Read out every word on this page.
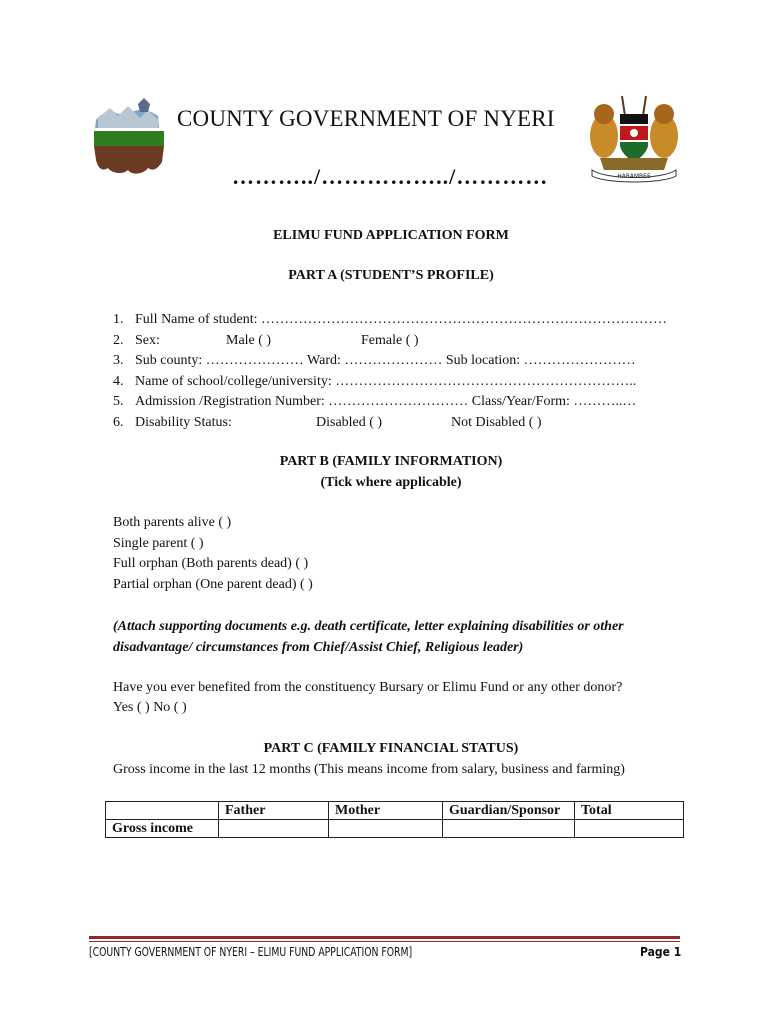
COUNTY GOVERNMENT OF NYERI
………../……………../…………	HARAMBEE
ELIMU FUND APPLICATION FORM
PART A (STUDENT’S PROFILE)
1. Full Name of student: ……………………………………………………………………………
2. Sex:	Male ( )	Female ( )
3. Sub county: ………………… Ward: ………………… Sub location: ……………………
4. Name of school/college/university: ………………………………………………………..
5. Admission /Registration Number: ………………………… Class/Year/Form: ………..…
6. Disability Status:	Disabled ( )	Not Disabled ( )
PART B (FAMILY INFORMATION)
(Tick where applicable)
Both parents alive ( )
Single parent ( )
Full orphan (Both parents dead) ( )
Partial orphan (One parent dead) ( )
(Attach supporting documents e.g. death certificate, letter explaining disabilities or other
disadvantage/ circumstances from Chief/Assist Chief, Religious leader)
Have you ever benefited from the constituency Bursary or Elimu Fund or any other donor?
Yes ( ) No ( )
PART C (FAMILY FINANCIAL STATUS)
Gross income in the last 12 months (This means income from salary, business and farming)
	Father	Mother	Guardian/Sponsor	Total
Gross income				
[COUNTY GOVERNMENT OF NYERI – ELIMU FUND APPLICATION FORM]	Page 1
